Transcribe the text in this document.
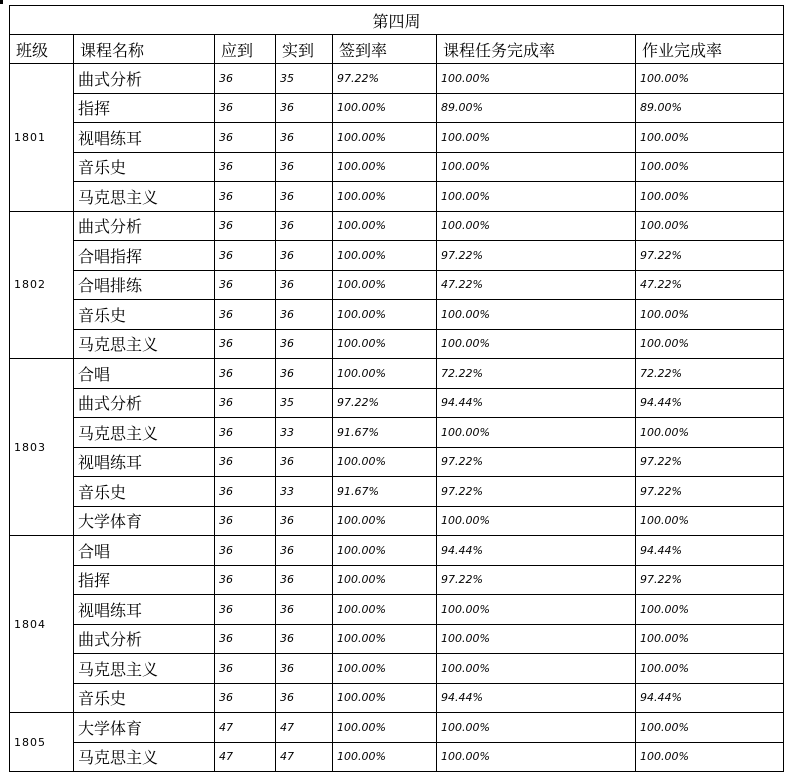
第四周						
班级	课程名称	应到	实到	签到率	课程任务完成率	作业完成率
1801	曲式分析	36	35	97.22%	100.00%	100.00%
	指挥	36	36	100.00%	89.00%	89.00%
	视唱练耳	36	36	100.00%	100.00%	100.00%
	音乐史	36	36	100.00%	100.00%	100.00%
	马克思主义	36	36	100.00%	100.00%	100.00%
1802	曲式分析	36	36	100.00%	100.00%	100.00%
	合唱指挥	36	36	100.00%	97.22%	97.22%
	合唱排练	36	36	100.00%	47.22%	47.22%
	音乐史	36	36	100.00%	100.00%	100.00%
	马克思主义	36	36	100.00%	100.00%	100.00%
1803	合唱	36	36	100.00%	72.22%	72.22%
	曲式分析	36	35	97.22%	94.44%	94.44%
	马克思主义	36	33	91.67%	100.00%	100.00%
	视唱练耳	36	36	100.00%	97.22%	97.22%
	音乐史	36	33	91.67%	97.22%	97.22%
	大学体育	36	36	100.00%	100.00%	100.00%
1804	合唱	36	36	100.00%	94.44%	94.44%
	指挥	36	36	100.00%	97.22%	97.22%
	视唱练耳	36	36	100.00%	100.00%	100.00%
	曲式分析	36	36	100.00%	100.00%	100.00%
	马克思主义	36	36	100.00%	100.00%	100.00%
	音乐史	36	36	100.00%	94.44%	94.44%
1805	大学体育	47	47	100.00%	100.00%	100.00%
	马克思主义	47	47	100.00%	100.00%	100.00%
